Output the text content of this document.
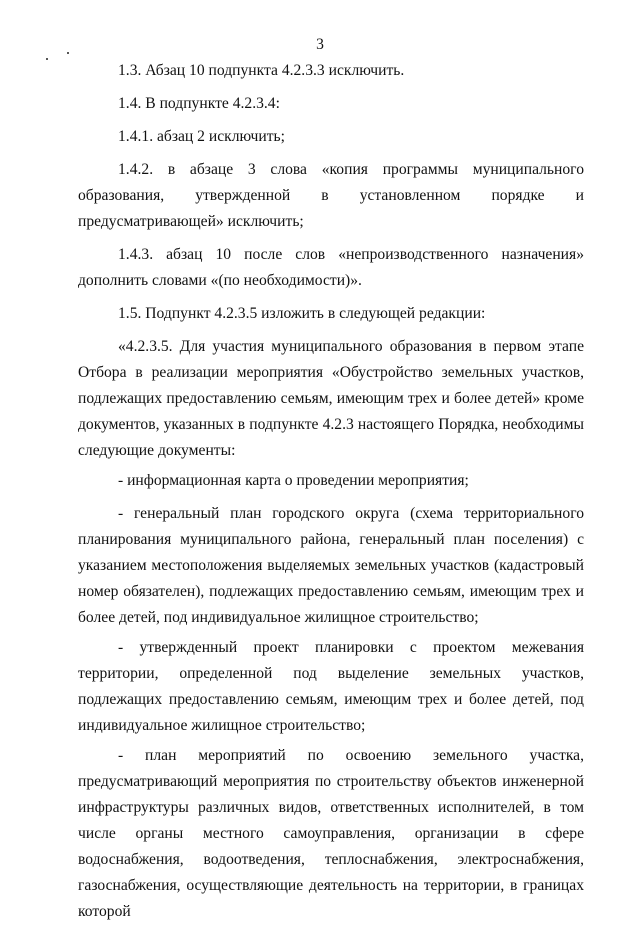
3

1.3. Абзац 10 подпункта 4.2.3.3 исключить.

1.4. В подпункте 4.2.3.4:

1.4.1. абзац 2 исключить;

1.4.2. в абзаце 3 слова «копия программы муниципального образования, утвержденной в установленном порядке и предусматривающей» исключить;

1.4.3. абзац 10 после слов «непроизводственного назначения» дополнить словами «(по необходимости)».

1.5. Подпункт 4.2.3.5 изложить в следующей редакции:

«4.2.3.5. Для участия муниципального образования в первом этапе Отбора в реализации мероприятия «Обустройство земельных участков, подлежащих предоставлению семьям, имеющим трех и более детей» кроме документов, указанных в подпункте 4.2.3 настоящего Порядка, необходимы следующие документы:

- информационная карта о проведении мероприятия;

- генеральный план городского округа (схема территориального планирования муниципального района, генеральный план поселения) с указанием местоположения выделяемых земельных участков (кадастровый номер обязателен), подлежащих предоставлению семьям, имеющим трех и более детей, под индивидуальное жилищное строительство;

- утвержденный проект планировки с проектом межевания территории, определенной под выделение земельных участков, подлежащих предоставлению семьям, имеющим трех и более детей, под индивидуальное жилищное строительство;

- план мероприятий по освоению земельного участка, предусматривающий мероприятия по строительству объектов инженерной инфраструктуры различных видов, ответственных исполнителей, в том числе органы местного самоуправления, организации в сфере водоснабжения, водоотведения, теплоснабжения, электроснабжения, газоснабжения, осуществляющие деятельность на территории, в границах которой
